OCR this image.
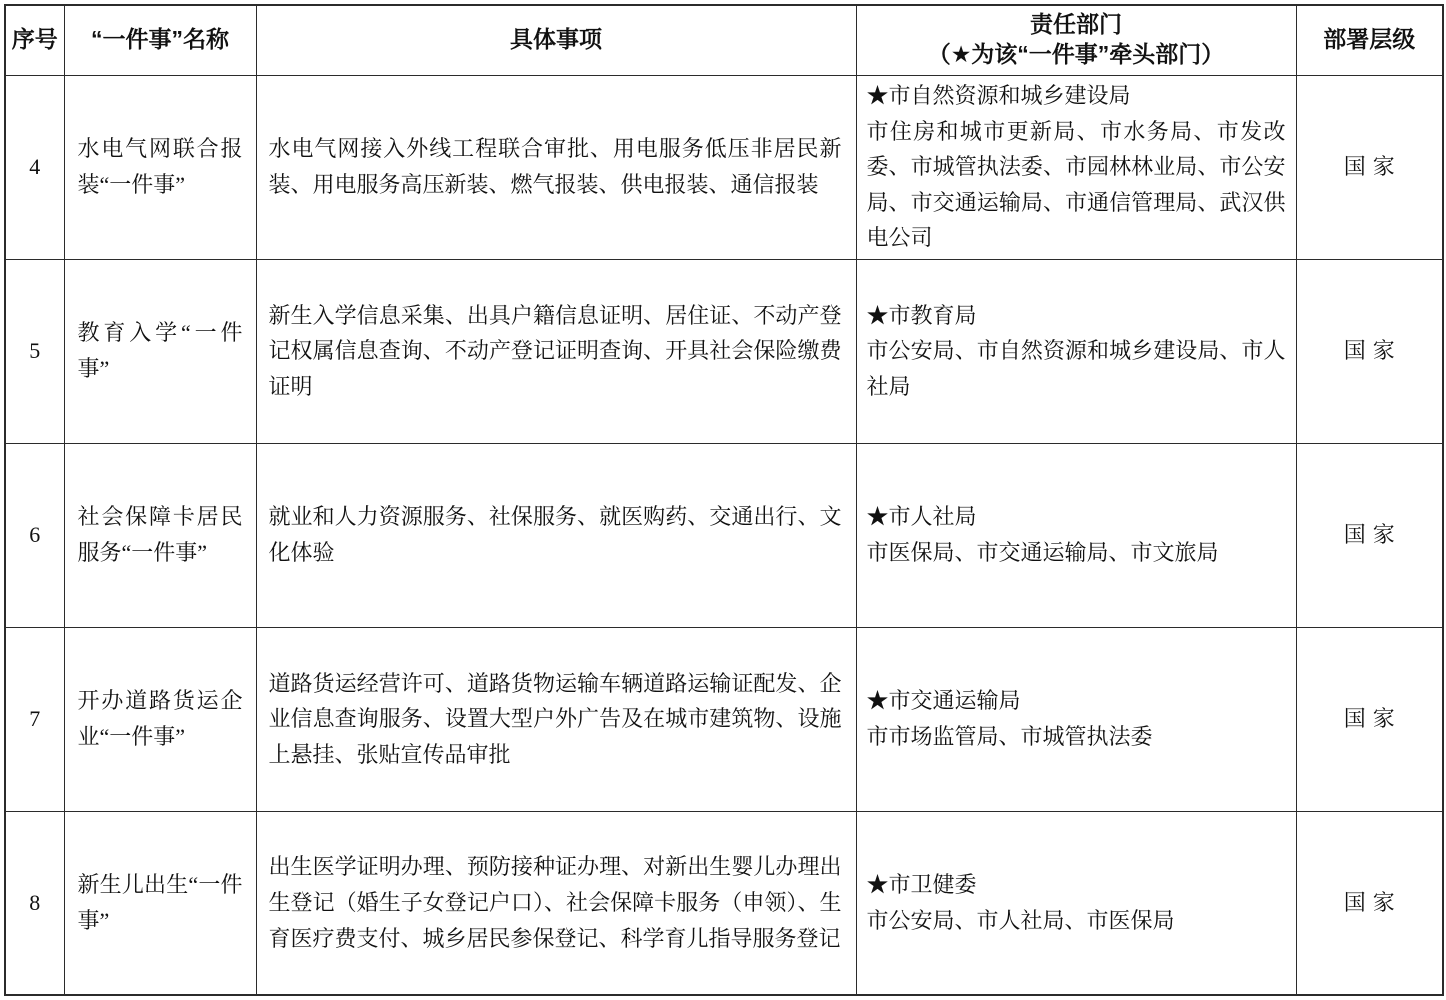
序号	“一件事”名称	具体事项	责任部门
（★为该“一件事”牵头部门）	部署层级
4	水电气网联合报装“一件事”	水电气网接入外线工程联合审批、用电服务低压非居民新装、用电服务高压新装、燃气报装、供电报装、通信报装	★市自然资源和城乡建设局
市住房和城市更新局、市水务局、市发改委、市城管执法委、市园林林业局、市公安局、市交通运输局、市通信管理局、武汉供电公司	国家
5	教育入学“一件事”	新生入学信息采集、出具户籍信息证明、居住证、不动产登记权属信息查询、不动产登记证明查询、开具社会保险缴费证明	★市教育局
市公安局、市自然资源和城乡建设局、市人社局	国家
6	社会保障卡居民服务“一件事”	就业和人力资源服务、社保服务、就医购药、交通出行、文化体验	★市人社局
市医保局、市交通运输局、市文旅局	国家
7	开办道路货运企业“一件事”	道路货运经营许可、道路货物运输车辆道路运输证配发、企业信息查询服务、设置大型户外广告及在城市建筑物、设施上悬挂、张贴宣传品审批	★市交通运输局
市市场监管局、市城管执法委	国家
8	新生儿出生“一件事”	出生医学证明办理、预防接种证办理、对新出生婴儿办理出生登记（婚生子女登记户口）、社会保障卡服务（申领）、生育医疗费支付、城乡居民参保登记、科学育儿指导服务登记	★市卫健委
市公安局、市人社局、市医保局	国家
